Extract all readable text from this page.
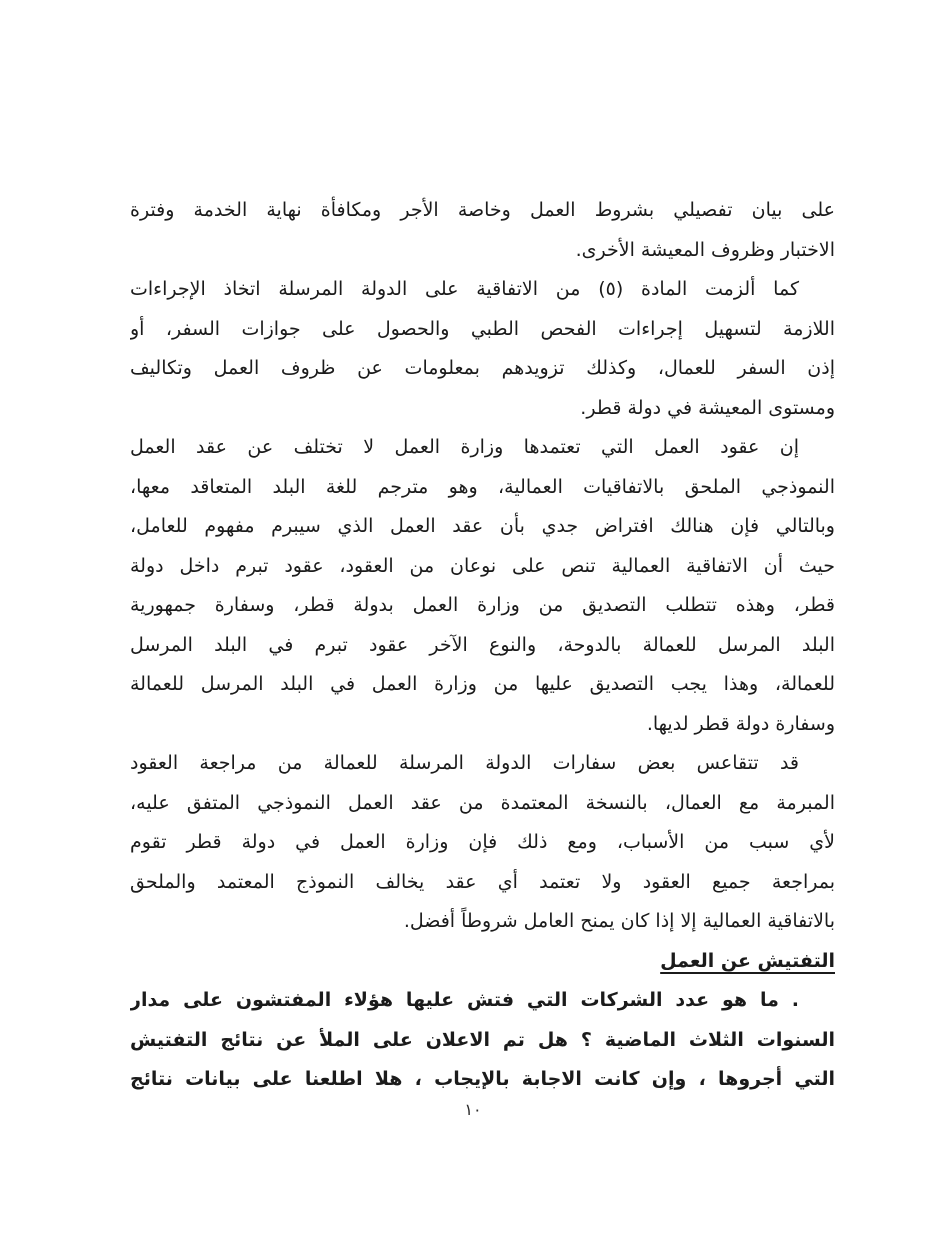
على بيان تفصيلي بشروط العمل وخاصة الأجر ومكافأة نهاية الخدمة وفترة
الاختبار وظروف المعيشة الأخرى.
كما ألزمت المادة (٥) من الاتفاقية على الدولة المرسلة اتخاذ الإجراءات
اللازمة لتسهيل إجراءات الفحص الطبي والحصول على جوازات السفر، أو
إذن السفر للعمال، وكذلك تزويدهم بمعلومات عن ظروف العمل وتكاليف
ومستوى المعيشة في دولة قطر.
إن عقود العمل التي تعتمدها وزارة العمل لا تختلف عن عقد العمل
النموذجي الملحق بالاتفاقيات العمالية، وهو مترجم للغة البلد المتعاقد معها،
وبالتالي فإن هنالك افتراض جدي بأن عقد العمل الذي سيبرم مفهوم للعامل،
حيث أن الاتفاقية العمالية تنص على نوعان من العقود، عقود تبرم داخل دولة
قطر، وهذه تتطلب التصديق من وزارة العمل بدولة قطر، وسفارة جمهورية
البلد المرسل للعمالة بالدوحة، والنوع الآخر عقود تبرم في البلد المرسل
للعمالة، وهذا يجب التصديق عليها من وزارة العمل في البلد المرسل للعمالة
وسفارة دولة قطر لديها.
قد تتقاعس بعض سفارات الدولة المرسلة للعمالة من مراجعة العقود
المبرمة مع العمال، بالنسخة المعتمدة من عقد العمل النموذجي المتفق عليه،
لأي سبب من الأسباب، ومع ذلك فإن وزارة العمل في دولة قطر تقوم
بمراجعة جميع العقود ولا تعتمد أي عقد يخالف النموذج المعتمد والملحق
بالاتفاقية العمالية إلا إذا كان يمنح العامل شروطاً أفضل.
التفتيش عن العمل
. ما هو عدد الشركات التي فتش عليها هؤلاء المفتشون على مدار
السنوات الثلاث الماضية ؟ هل تم الاعلان على الملأ عن نتائج التفتيش
التي أجروها ، وإن كانت الاجابة بالإيجاب ، هلا اطلعنا على بيانات نتائج
١٠
